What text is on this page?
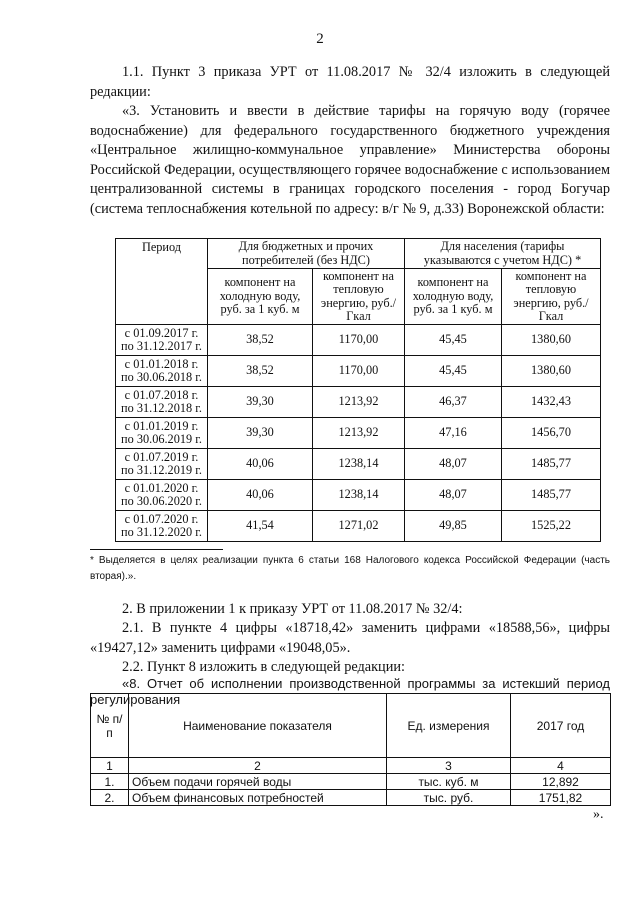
2
1.1. Пункт 3 приказа УРТ от 11.08.2017 № 32/4 изложить в следующей редакции:
«3. Установить и ввести в действие тарифы на горячую воду (горячее водоснабжение) для федерального государственного бюджетного учреждения «Центральное жилищно-коммунальное управление» Министерства обороны Российской Федерации, осуществляющего горячее водоснабжение с использованием централизованной системы в границах городского поселения - город Богучар (система теплоснабжения котельной по адресу: в/г № 9, д.33) Воронежской области:
Период	Для бюджетных и прочих потребителей (без НДС)		Для населения (тарифы указываются с учетом НДС) *	
	компонент на холодную воду, руб. за 1 куб. м	компонент на тепловую энергию, руб./Гкал	компонент на холодную воду, руб. за 1 куб. м	компонент на тепловую энергию, руб./Гкал

с 01.09.2017 г.
по 31.12.2017 г.	38,52	1170,00	45,45	1380,60

с 01.01.2018 г.
по 30.06.2018 г.	38,52	1170,00	45,45	1380,60

с 01.07.2018 г.
по 31.12.2018 г.	39,30	1213,92	46,37	1432,43

с 01.01.2019 г.
по 30.06.2019 г.	39,30	1213,92	47,16	1456,70

с 01.07.2019 г.
по 31.12.2019 г.	40,06	1238,14	48,07	1485,77

с 01.01.2020 г.
по 30.06.2020 г.	40,06	1238,14	48,07	1485,77

с 01.07.2020 г.
по 31.12.2020 г.	41,54	1271,02	49,85	1525,22
* Выделяется в целях реализации пункта 6 статьи 168 Налогового кодекса Российской Федерации (часть вторая).».
2. В приложении 1 к приказу УРТ от 11.08.2017 № 32/4:
2.1. В пункте 4 цифры «18718,42» заменить цифрами «18588,56», цифры «19427,12» заменить цифрами «19048,05».
2.2. Пункт 8 изложить в следующей редакции:
«8. Отчет об исполнении производственной программы за истекший период регулирования
№ п/п	Наименование показателя	Ед. измерения	2017 год
1	2	3	4
1.	Объем подачи горячей воды	тыс. куб. м	12,892
2.	Объем финансовых потребностей	тыс. руб.	1751,82
».
